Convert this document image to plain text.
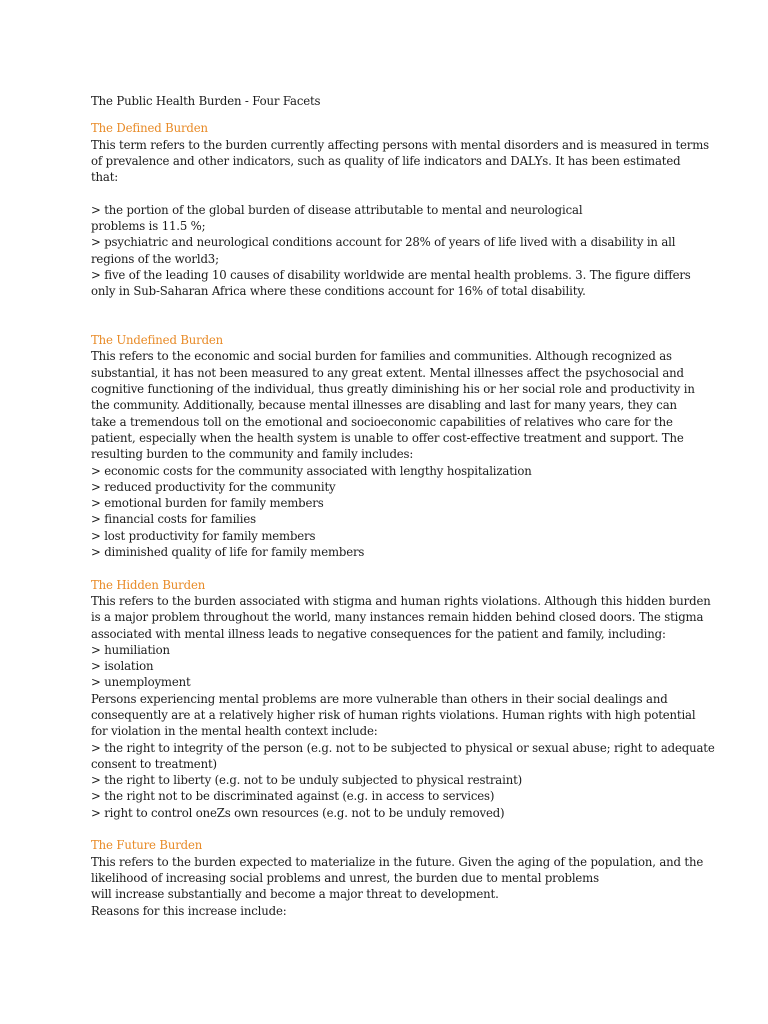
The Public Health Burden - Four Facets
The Defined Burden
This term refers to the burden currently affecting persons with mental disorders and is measured in terms
of prevalence and other indicators, such as quality of life indicators and DALYs. It has been estimated
that:
> the portion of the global burden of disease attributable to mental and neurological
problems is 11.5 %;
> psychiatric and neurological conditions account for 28% of years of life lived with a disability in all
regions of the world3;
> five of the leading 10 causes of disability worldwide are mental health problems. 3. The figure differs
only in Sub-Saharan Africa where these conditions account for 16% of total disability.
The Undefined Burden
This refers to the economic and social burden for families and communities. Although recognized as
substantial, it has not been measured to any great extent. Mental illnesses affect the psychosocial and
cognitive functioning of the individual, thus greatly diminishing his or her social role and productivity in
the community. Additionally, because mental illnesses are disabling and last for many years, they can
take a tremendous toll on the emotional and socioeconomic capabilities of relatives who care for the
patient, especially when the health system is unable to offer cost-effective treatment and support. The
resulting burden to the community and family includes:
> economic costs for the community associated with lengthy hospitalization
> reduced productivity for the community
> emotional burden for family members
> financial costs for families
> lost productivity for family members
> diminished quality of life for family members
The Hidden Burden
This refers to the burden associated with stigma and human rights violations. Although this hidden burden
is a major problem throughout the world, many instances remain hidden behind closed doors. The stigma
associated with mental illness leads to negative consequences for the patient and family, including:
> humiliation
> isolation
> unemployment
Persons experiencing mental problems are more vulnerable than others in their social dealings and
consequently are at a relatively higher risk of human rights violations. Human rights with high potential
for violation in the mental health context include:
> the right to integrity of the person (e.g. not to be subjected to physical or sexual abuse; right to adequate
consent to treatment)
> the right to liberty (e.g. not to be unduly subjected to physical restraint)
> the right not to be discriminated against (e.g. in access to services)
> right to control oneZs own resources (e.g. not to be unduly removed)
The Future Burden
This refers to the burden expected to materialize in the future. Given the aging of the population, and the
likelihood of increasing social problems and unrest, the burden due to mental problems
will increase substantially and become a major threat to development.
Reasons for this increase include:
